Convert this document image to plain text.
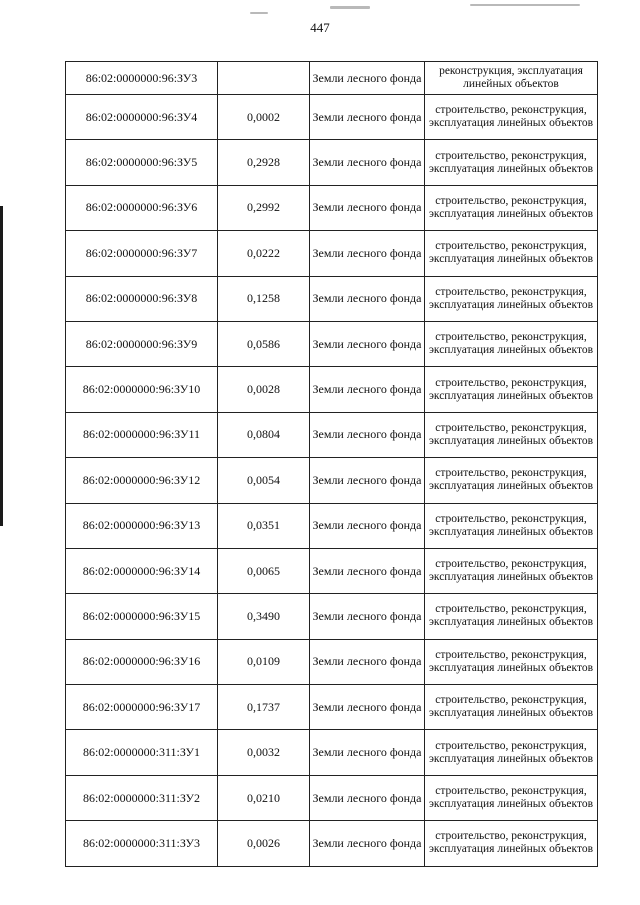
447
86:02:0000000:96:ЗУ3		Земли лесного фонда	реконструкция, эксплуатация линейных объектов
86:02:0000000:96:ЗУ4	0,0002	Земли лесного фонда	строительство, реконструкция, эксплуатация линейных объектов
86:02:0000000:96:ЗУ5	0,2928	Земли лесного фонда	строительство, реконструкция, эксплуатация линейных объектов
86:02:0000000:96:ЗУ6	0,2992	Земли лесного фонда	строительство, реконструкция, эксплуатация линейных объектов
86:02:0000000:96:ЗУ7	0,0222	Земли лесного фонда	строительство, реконструкция, эксплуатация линейных объектов
86:02:0000000:96:ЗУ8	0,1258	Земли лесного фонда	строительство, реконструкция, эксплуатация линейных объектов
86:02:0000000:96:ЗУ9	0,0586	Земли лесного фонда	строительство, реконструкция, эксплуатация линейных объектов
86:02:0000000:96:ЗУ10	0,0028	Земли лесного фонда	строительство, реконструкция, эксплуатация линейных объектов
86:02:0000000:96:ЗУ11	0,0804	Земли лесного фонда	строительство, реконструкция, эксплуатация линейных объектов
86:02:0000000:96:ЗУ12	0,0054	Земли лесного фонда	строительство, реконструкция, эксплуатация линейных объектов
86:02:0000000:96:ЗУ13	0,0351	Земли лесного фонда	строительство, реконструкция, эксплуатация линейных объектов
86:02:0000000:96:ЗУ14	0,0065	Земли лесного фонда	строительство, реконструкция, эксплуатация линейных объектов
86:02:0000000:96:ЗУ15	0,3490	Земли лесного фонда	строительство, реконструкция, эксплуатация линейных объектов
86:02:0000000:96:ЗУ16	0,0109	Земли лесного фонда	строительство, реконструкция, эксплуатация линейных объектов
86:02:0000000:96:ЗУ17	0,1737	Земли лесного фонда	строительство, реконструкция, эксплуатация линейных объектов
86:02:0000000:311:ЗУ1	0,0032	Земли лесного фонда	строительство, реконструкция, эксплуатация линейных объектов
86:02:0000000:311:ЗУ2	0,0210	Земли лесного фонда	строительство, реконструкция, эксплуатация линейных объектов
86:02:0000000:311:ЗУ3	0,0026	Земли лесного фонда	строительство, реконструкция, эксплуатация линейных объектов
